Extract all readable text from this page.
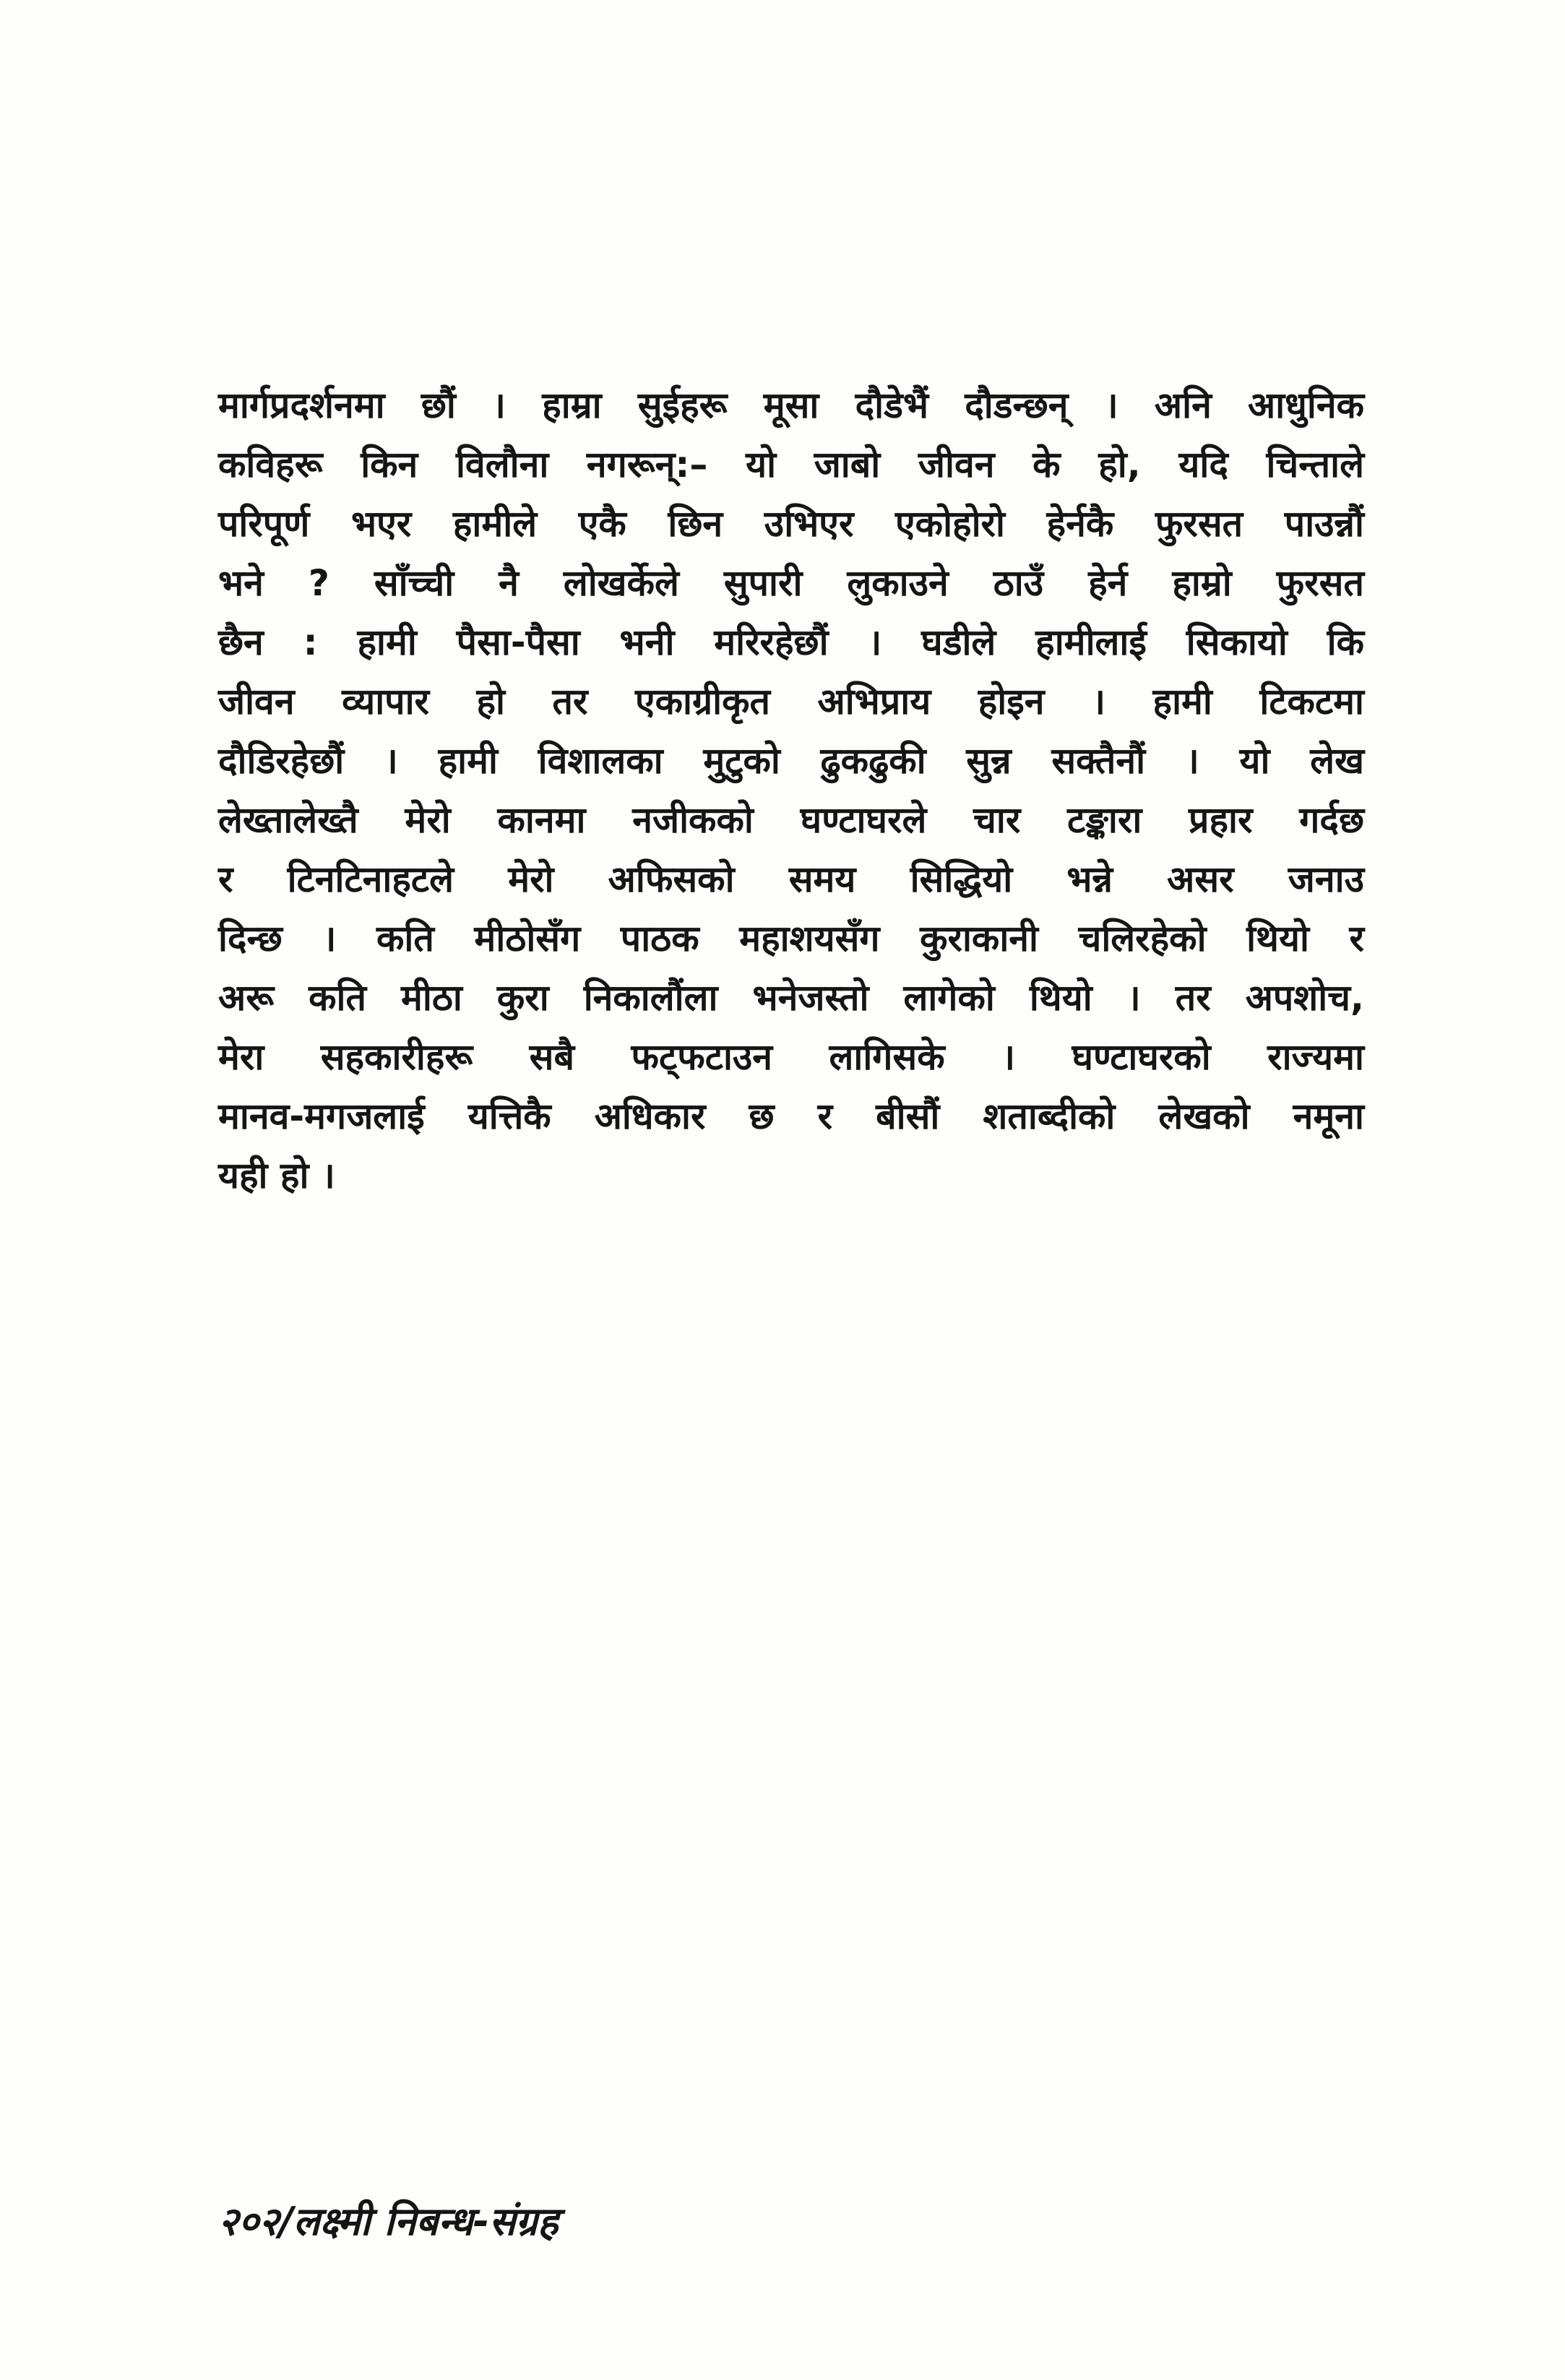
मार्गप्रदर्शनमा छौं । हाम्रा सुईहरू मूसा दौडेभैं दौडन्छन् । अनि आधुनिक
कविहरू किन विलौना नगरून्:– यो जाबो जीवन के हो, यदि चिन्ताले
परिपूर्ण भएर हामीले एकै छिन उभिएर एकोहोरो हेर्नकै फुरसत पाउन्नौं
भने ? साँच्ची नै लोखर्केले सुपारी लुकाउने ठाउँ हेर्न हाम्रो फुरसत
छैन : हामी पैसा-पैसा भनी मरिरहेछौं । घडीले हामीलाई सिकायो कि
जीवन व्यापार हो तर एकाग्रीकृत अभिप्राय होइन । हामी टिकटमा
दौडिरहेछौं । हामी विशालका मुटुको ढुकढुकी सुन्न सक्तैनौं । यो लेख
लेख्तालेख्तै मेरो कानमा नजीकको घण्टाघरले चार टङ्कारा प्रहार गर्दछ
र टिनटिनाहटले मेरो अफिसको समय सिद्धियो भन्ने असर जनाउ
दिन्छ । कति मीठोसँग पाठक महाशयसँग कुराकानी चलिरहेको थियो र
अरू कति मीठा कुरा निकालौंला भनेजस्तो लागेको थियो । तर अपशोच,
मेरा सहकारीहरू सबै फट्फटाउन लागिसके । घण्टाघरको राज्यमा
मानव-मगजलाई यत्तिकै अधिकार छ र बीसौं शताब्दीको लेखको नमूना
यही हो ।
२०२/लक्ष्मी निबन्ध-संग्रह
